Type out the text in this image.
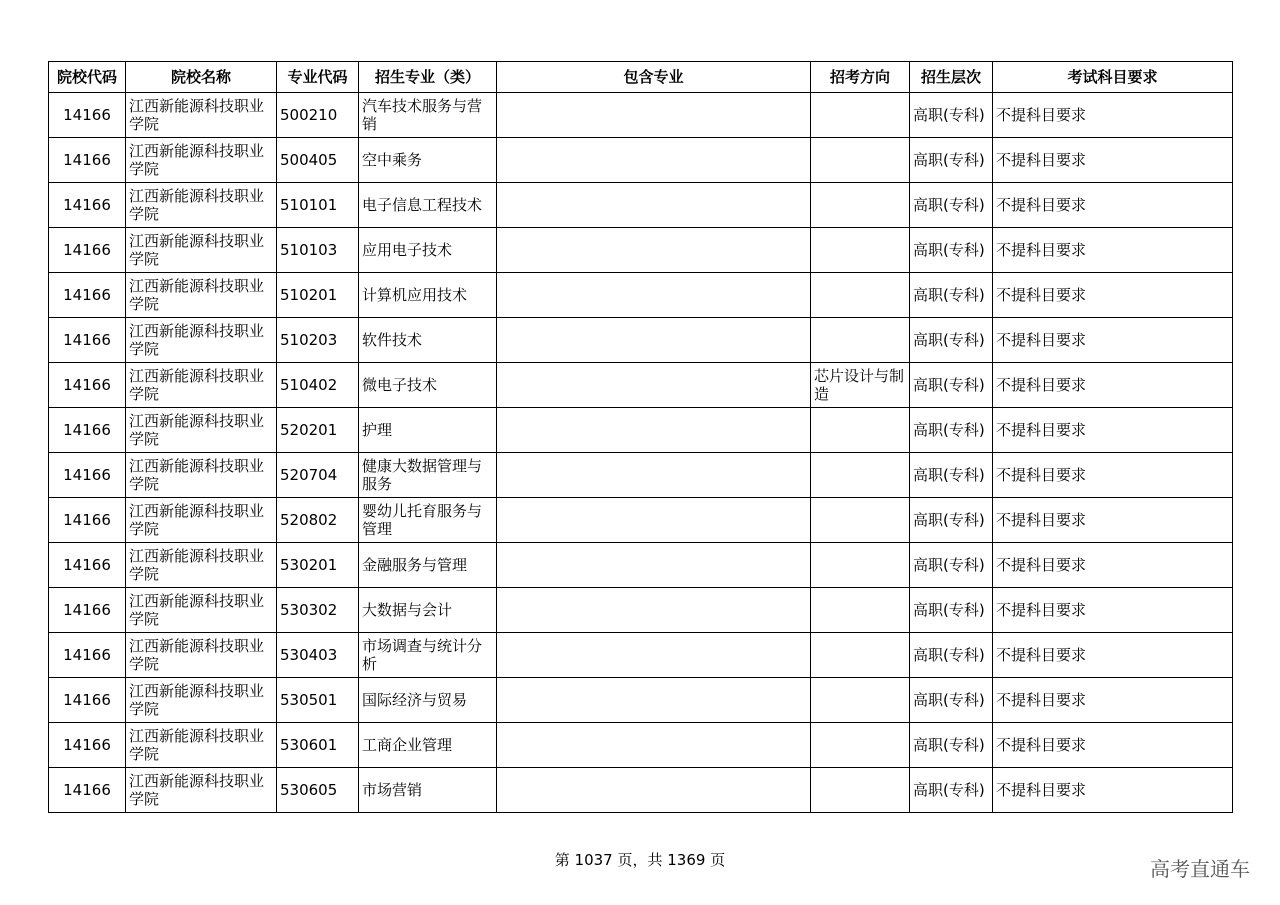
院校代码	院校名称	专业代码	招生专业（类）	包含专业	招考方向	招生层次	考试科目要求
14166	江西新能源科技职业学院	500210	汽车技术服务与营销			高职(专科)	不提科目要求
14166	江西新能源科技职业学院	500405	空中乘务			高职(专科)	不提科目要求
14166	江西新能源科技职业学院	510101	电子信息工程技术			高职(专科)	不提科目要求
14166	江西新能源科技职业学院	510103	应用电子技术			高职(专科)	不提科目要求
14166	江西新能源科技职业学院	510201	计算机应用技术			高职(专科)	不提科目要求
14166	江西新能源科技职业学院	510203	软件技术			高职(专科)	不提科目要求
14166	江西新能源科技职业学院	510402	微电子技术		芯片设计与制造	高职(专科)	不提科目要求
14166	江西新能源科技职业学院	520201	护理			高职(专科)	不提科目要求
14166	江西新能源科技职业学院	520704	健康大数据管理与服务			高职(专科)	不提科目要求
14166	江西新能源科技职业学院	520802	婴幼儿托育服务与管理			高职(专科)	不提科目要求
14166	江西新能源科技职业学院	530201	金融服务与管理			高职(专科)	不提科目要求
14166	江西新能源科技职业学院	530302	大数据与会计			高职(专科)	不提科目要求
14166	江西新能源科技职业学院	530403	市场调查与统计分析			高职(专科)	不提科目要求
14166	江西新能源科技职业学院	530501	国际经济与贸易			高职(专科)	不提科目要求
14166	江西新能源科技职业学院	530601	工商企业管理			高职(专科)	不提科目要求
14166	江西新能源科技职业学院	530605	市场营销			高职(专科)	不提科目要求
第 1037 页，共 1369 页	高考直通车
